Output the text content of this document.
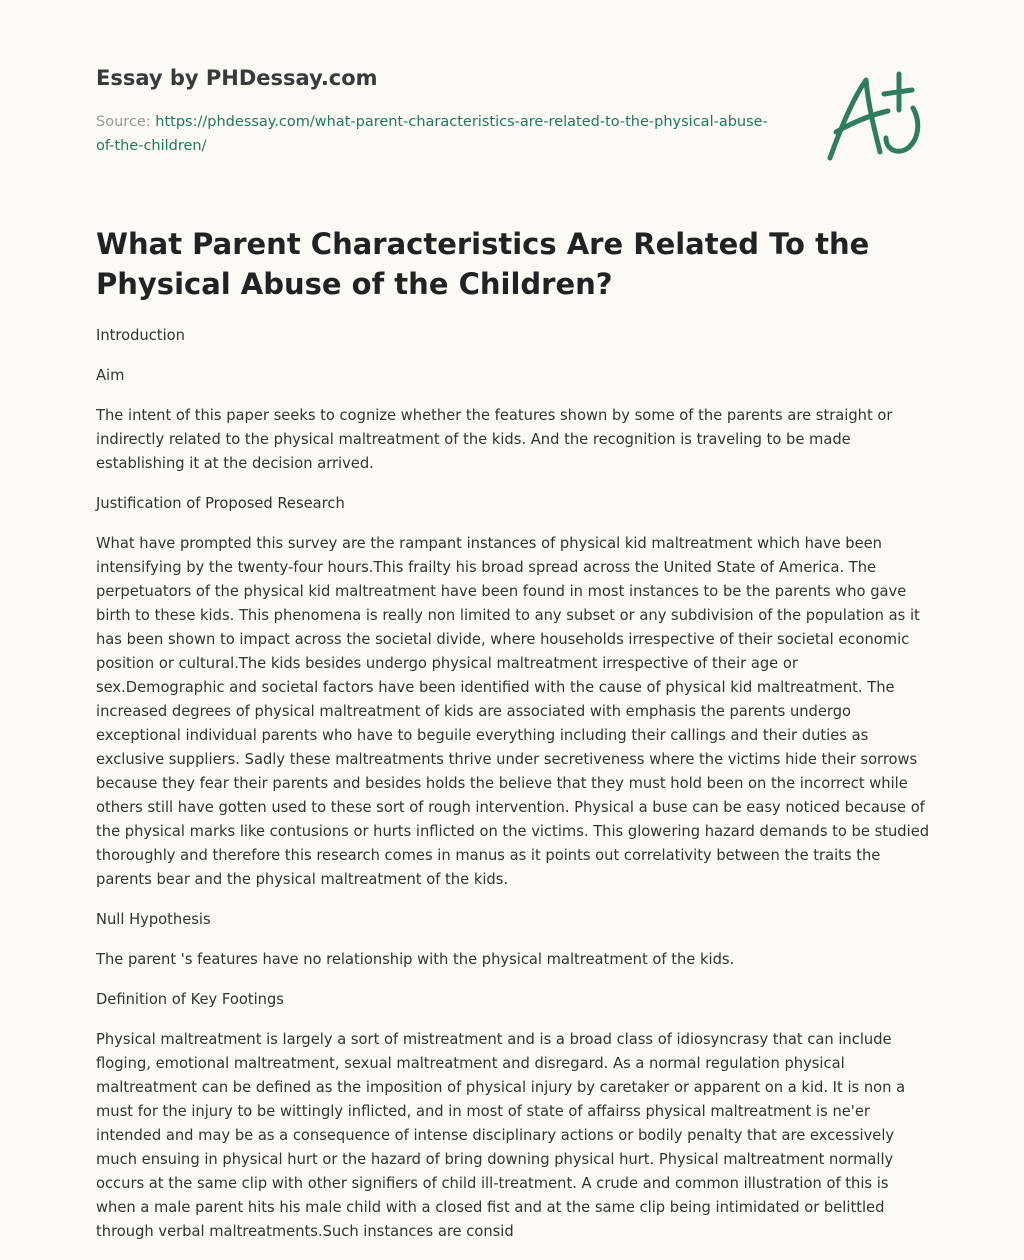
Essay by PHDessay.com

Source: https://phdessay.com/what-parent-characteristics-are-related-to-the-physical-abuse-of-the-children/

What Parent Characteristics Are Related To the Physical Abuse of the Children?

Introduction

Aim

The intent of this paper seeks to cognize whether the features shown by some of the parents are straight or indirectly related to the physical maltreatment of the kids. And the recognition is traveling to be made establishing it at the decision arrived.

Justification of Proposed Research

What have prompted this survey are the rampant instances of physical kid maltreatment which have been intensifying by the twenty-four hours.This frailty his broad spread across the United State of America. The perpetuators of the physical kid maltreatment have been found in most instances to be the parents who gave birth to these kids. This phenomena is really non limited to any subset or any subdivision of the population as it has been shown to impact across the societal divide, where households irrespective of their societal economic position or cultural.The kids besides undergo physical maltreatment irrespective of their age or sex.Demographic and societal factors have been identified with the cause of physical kid maltreatment. The increased degrees of physical maltreatment of kids are associated with emphasis the parents undergo exceptional individual parents who have to beguile everything including their callings and their duties as exclusive suppliers. Sadly these maltreatments thrive under secretiveness where the victims hide their sorrows because they fear their parents and besides holds the believe that they must hold been on the incorrect while others still have gotten used to these sort of rough intervention. Physical a buse can be easy noticed because of the physical marks like contusions or hurts inflicted on the victims. This glowering hazard demands to be studied thoroughly and therefore this research comes in manus as it points out correlativity between the traits the parents bear and the physical maltreatment of the kids.

Null Hypothesis

The parent 's features have no relationship with the physical maltreatment of the kids.

Definition of Key Footings

Physical maltreatment is largely a sort of mistreatment and is a broad class of idiosyncrasy that can include floging, emotional maltreatment, sexual maltreatment and disregard. As a normal regulation physical maltreatment can be defined as the imposition of physical injury by caretaker or apparent on a kid. It is non a must for the injury to be wittingly inflicted, and in most of state of affairss physical maltreatment is ne'er intended and may be as a consequence of intense disciplinary actions or bodily penalty that are excessively much ensuing in physical hurt or the hazard of bring downing physical hurt. Physical maltreatment normally occurs at the same clip with other signifiers of child ill-treatment. A crude and common illustration of this is when a male parent hits his male child with a closed fist and at the same clip being intimidated or belittled through verbal maltreatments.Such instances are consid
